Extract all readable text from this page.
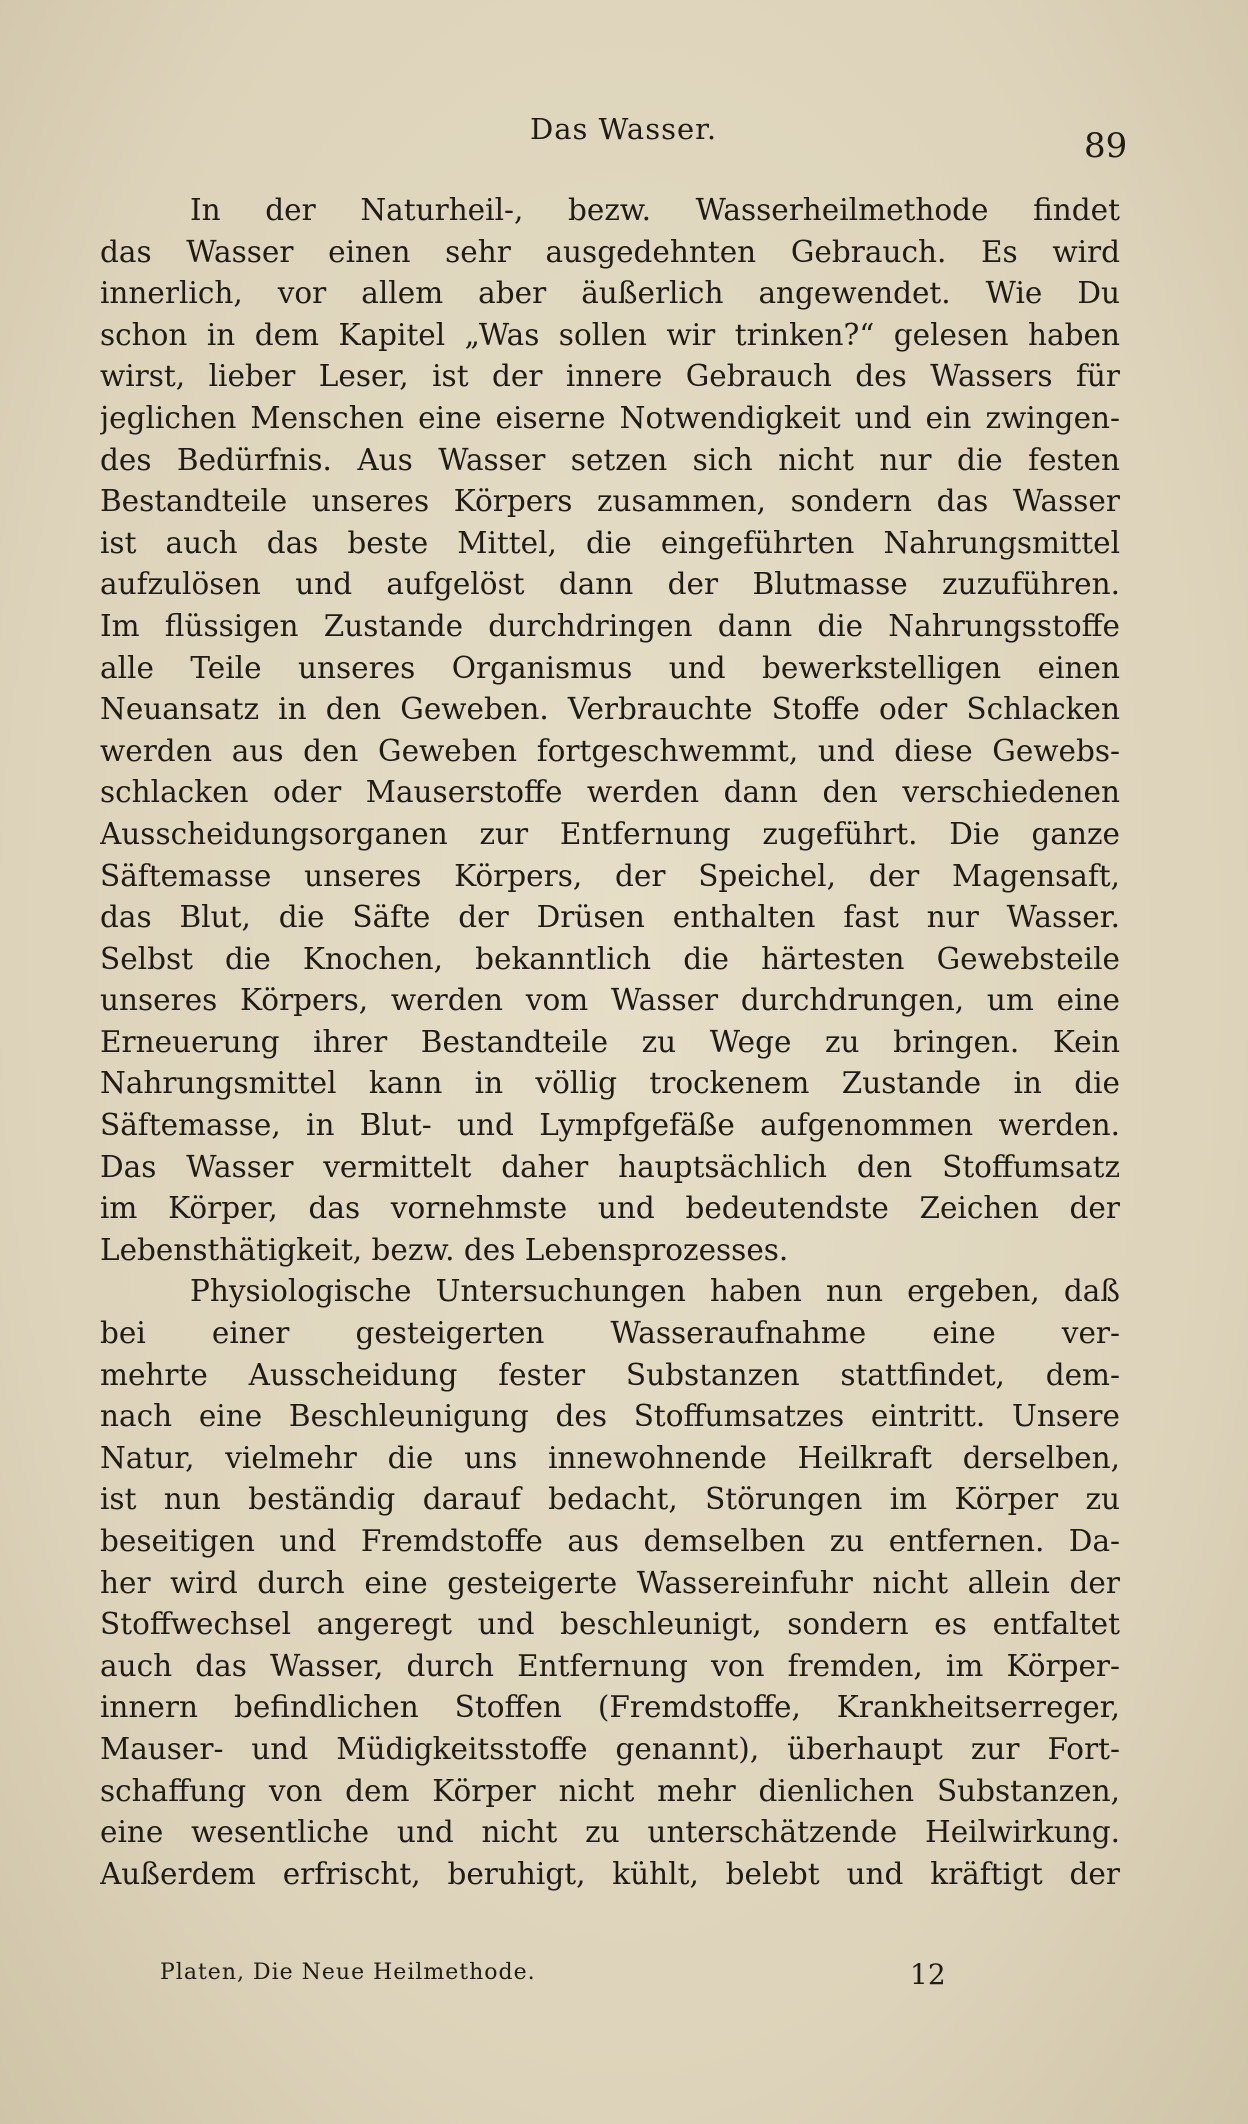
Das Wasser.	89
In der Naturheil-, bezw. Wasserheilmethode findet
das Wasser einen sehr ausgedehnten Gebrauch. Es wird
innerlich, vor allem aber äußerlich angewendet. Wie Du
schon in dem Kapitel „Was sollen wir trinken?“ gelesen haben
wirst, lieber Leser, ist der innere Gebrauch des Wassers für
jeglichen Menschen eine eiserne Notwendigkeit und ein zwingen-
des Bedürfnis. Aus Wasser setzen sich nicht nur die festen
Bestandteile unseres Körpers zusammen, sondern das Wasser
ist auch das beste Mittel, die eingeführten Nahrungsmittel
aufzulösen und aufgelöst dann der Blutmasse zuzuführen.
Im flüssigen Zustande durchdringen dann die Nahrungsstoffe
alle Teile unseres Organismus und bewerkstelligen einen
Neuansatz in den Geweben. Verbrauchte Stoffe oder Schlacken
werden aus den Geweben fortgeschwemmt, und diese Gewebs-
schlacken oder Mauserstoffe werden dann den verschiedenen
Ausscheidungsorganen zur Entfernung zugeführt. Die ganze
Säftemasse unseres Körpers, der Speichel, der Magensaft,
das Blut, die Säfte der Drüsen enthalten fast nur Wasser.
Selbst die Knochen, bekanntlich die härtesten Gewebsteile
unseres Körpers, werden vom Wasser durchdrungen, um eine
Erneuerung ihrer Bestandteile zu Wege zu bringen. Kein
Nahrungsmittel kann in völlig trockenem Zustande in die
Säftemasse, in Blut- und Lympfgefäße aufgenommen werden.
Das Wasser vermittelt daher hauptsächlich den Stoffumsatz
im Körper, das vornehmste und bedeutendste Zeichen der
Lebensthätigkeit, bezw. des Lebensprozesses.
Physiologische Untersuchungen haben nun ergeben, daß
bei einer gesteigerten Wasseraufnahme eine ver-
mehrte Ausscheidung fester Substanzen stattfindet, dem-
nach eine Beschleunigung des Stoffumsatzes eintritt. Unsere
Natur, vielmehr die uns innewohnende Heilkraft derselben,
ist nun beständig darauf bedacht, Störungen im Körper zu
beseitigen und Fremdstoffe aus demselben zu entfernen. Da-
her wird durch eine gesteigerte Wassereinfuhr nicht allein der
Stoffwechsel angeregt und beschleunigt, sondern es entfaltet
auch das Wasser, durch Entfernung von fremden, im Körper-
innern befindlichen Stoffen (Fremdstoffe, Krankheitserreger,
Mauser- und Müdigkeitsstoffe genannt), überhaupt zur Fort-
schaffung von dem Körper nicht mehr dienlichen Substanzen,
eine wesentliche und nicht zu unterschätzende Heilwirkung.
Außerdem erfrischt, beruhigt, kühlt, belebt und kräftigt der
Platen, Die Neue Heilmethode.	12
